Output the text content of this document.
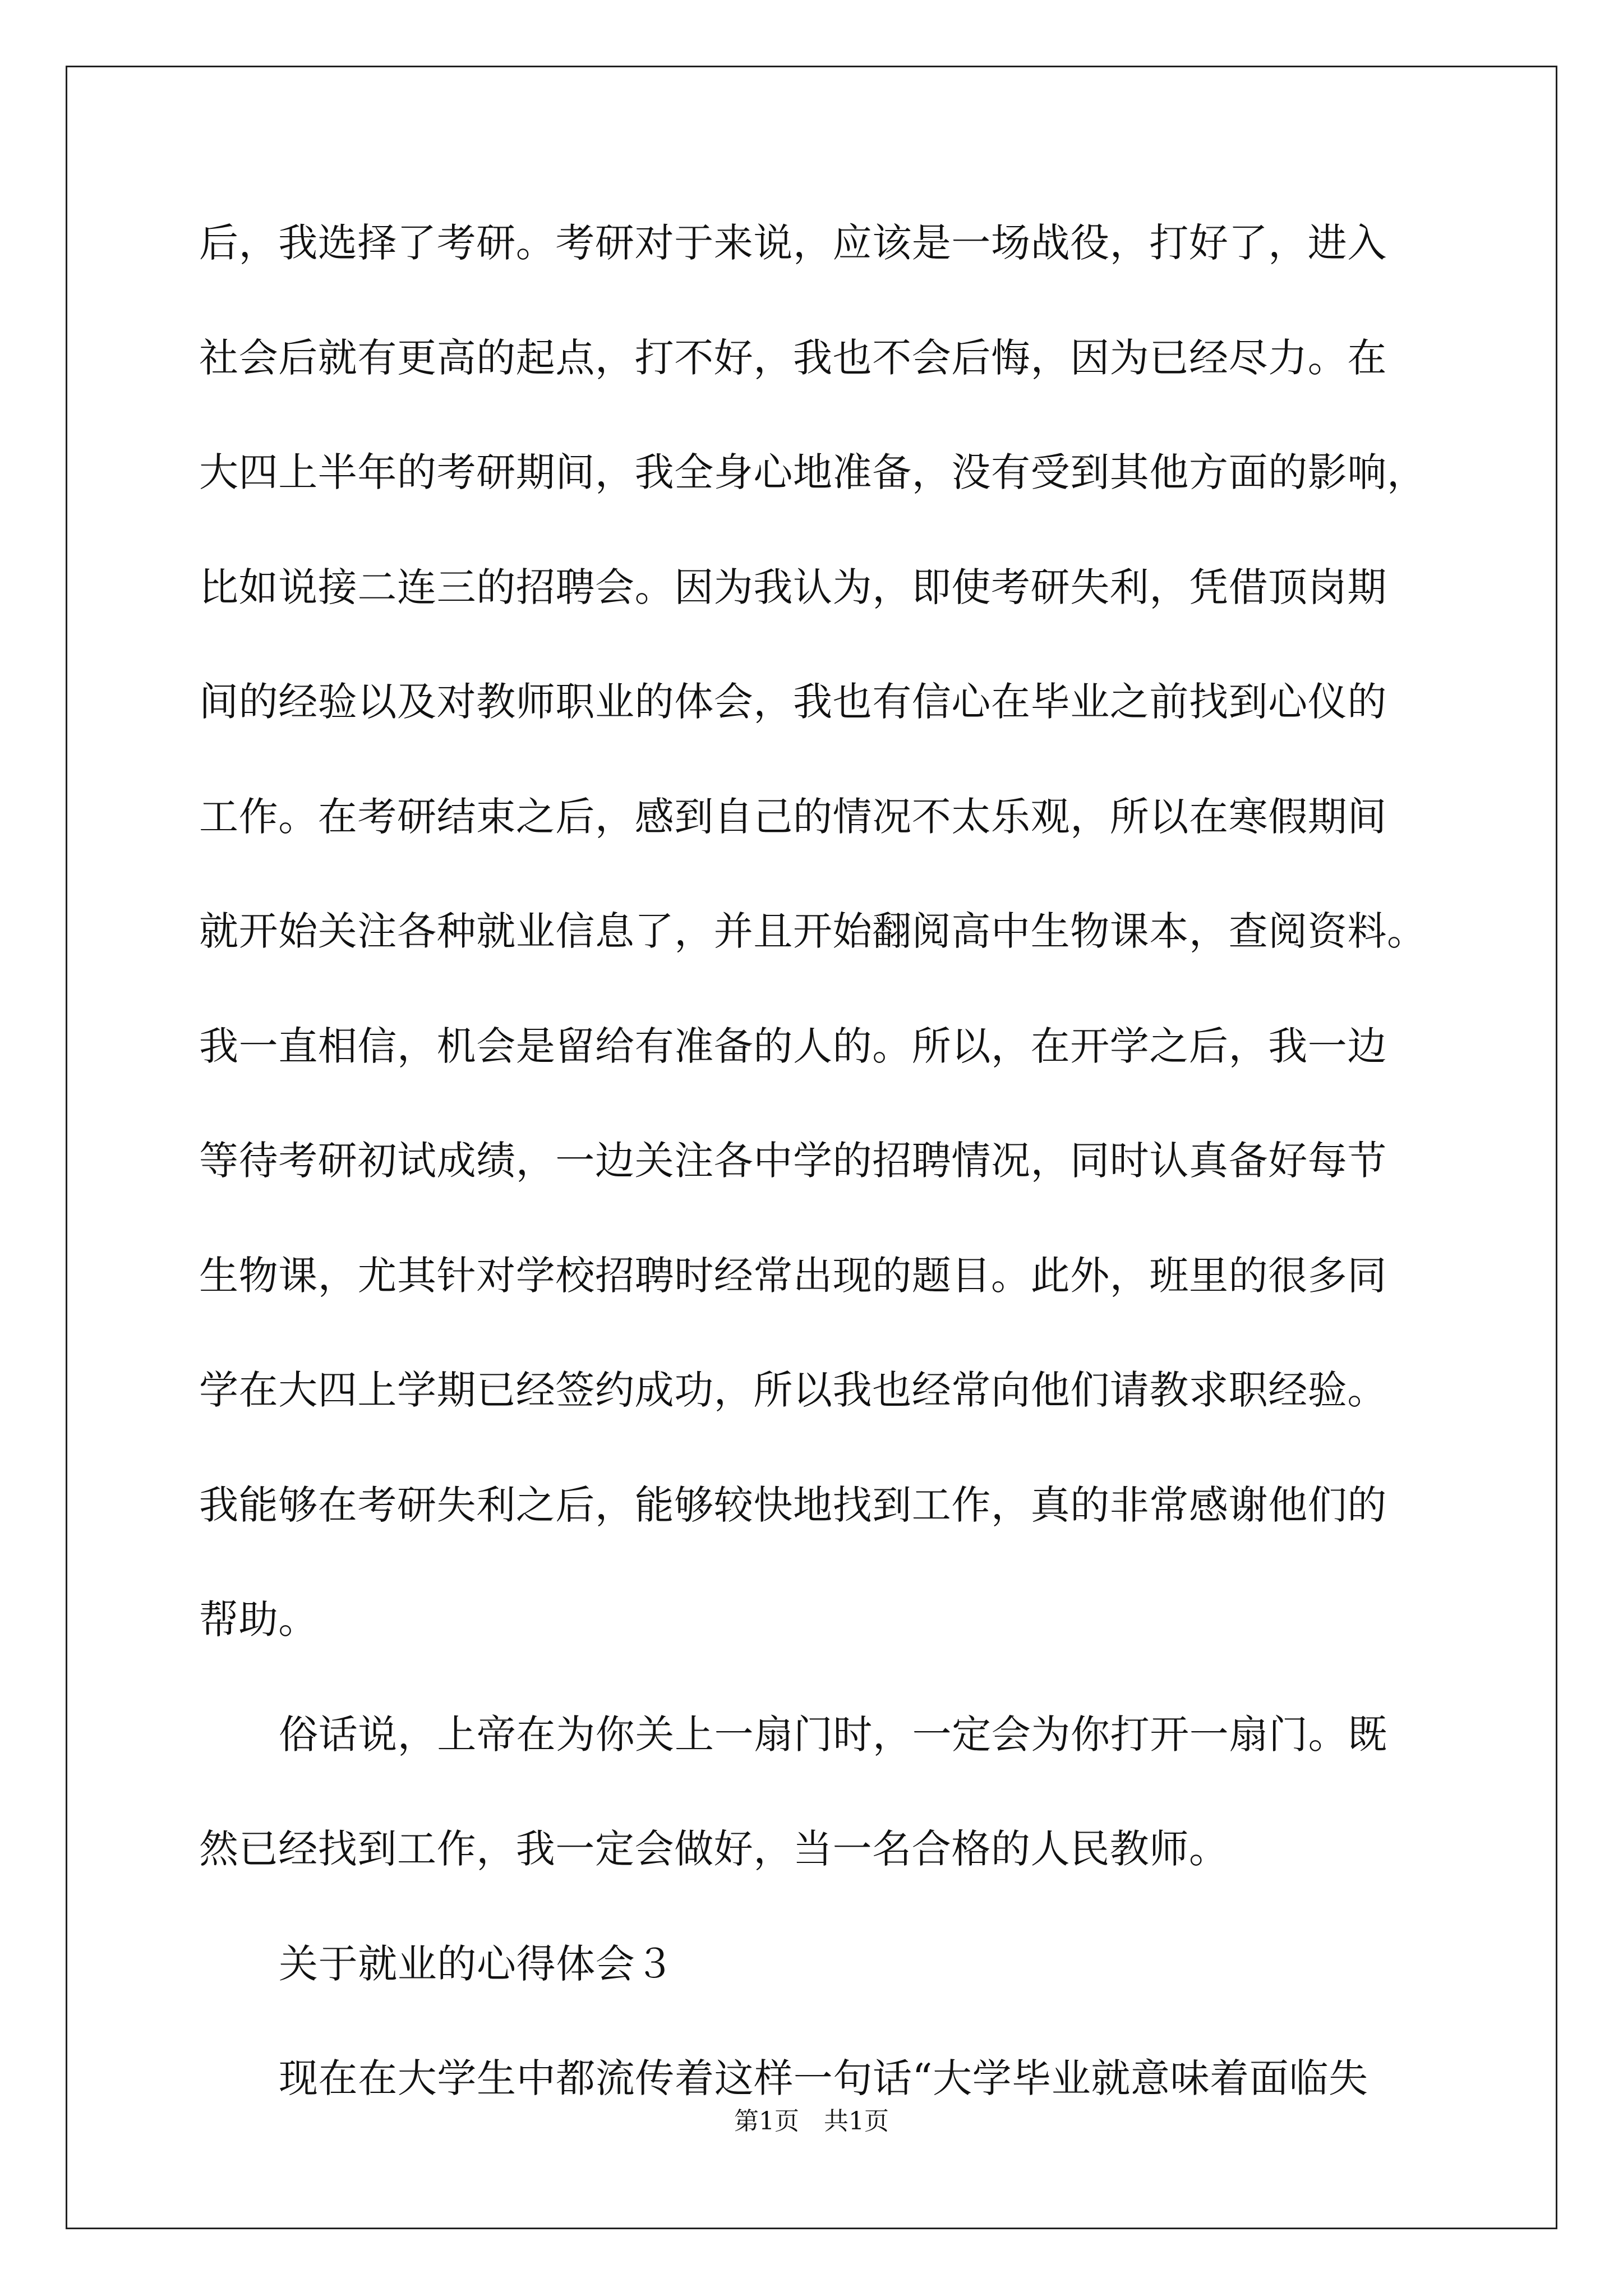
后，我选择了考研。考研对于来说，应该是一场战役，打好了，进入

社会后就有更高的起点，打不好，我也不会后悔，因为已经尽力。在

大四上半年的考研期间，我全身心地准备，没有受到其他方面的影响，

比如说接二连三的招聘会。因为我认为，即使考研失利，凭借顶岗期

间的经验以及对教师职业的体会，我也有信心在毕业之前找到心仪的

工作。在考研结束之后，感到自己的情况不太乐观，所以在寒假期间

就开始关注各种就业信息了，并且开始翻阅高中生物课本，查阅资料。

我一直相信，机会是留给有准备的人的。所以，在开学之后，我一边

等待考研初试成绩，一边关注各中学的招聘情况，同时认真备好每节

生物课，尤其针对学校招聘时经常出现的题目。此外，班里的很多同

学在大四上学期已经签约成功，所以我也经常向他们请教求职经验。

我能够在考研失利之后，能够较快地找到工作，真的非常感谢他们的

帮助。

俗话说，上帝在为你关上一扇门时，一定会为你打开一扇门。既

然已经找到工作，我一定会做好，当一名合格的人民教师。

关于就业的心得体会３

现在在大学生中都流传着这样一句话“大学毕业就意味着面临失

第1页　共1页
